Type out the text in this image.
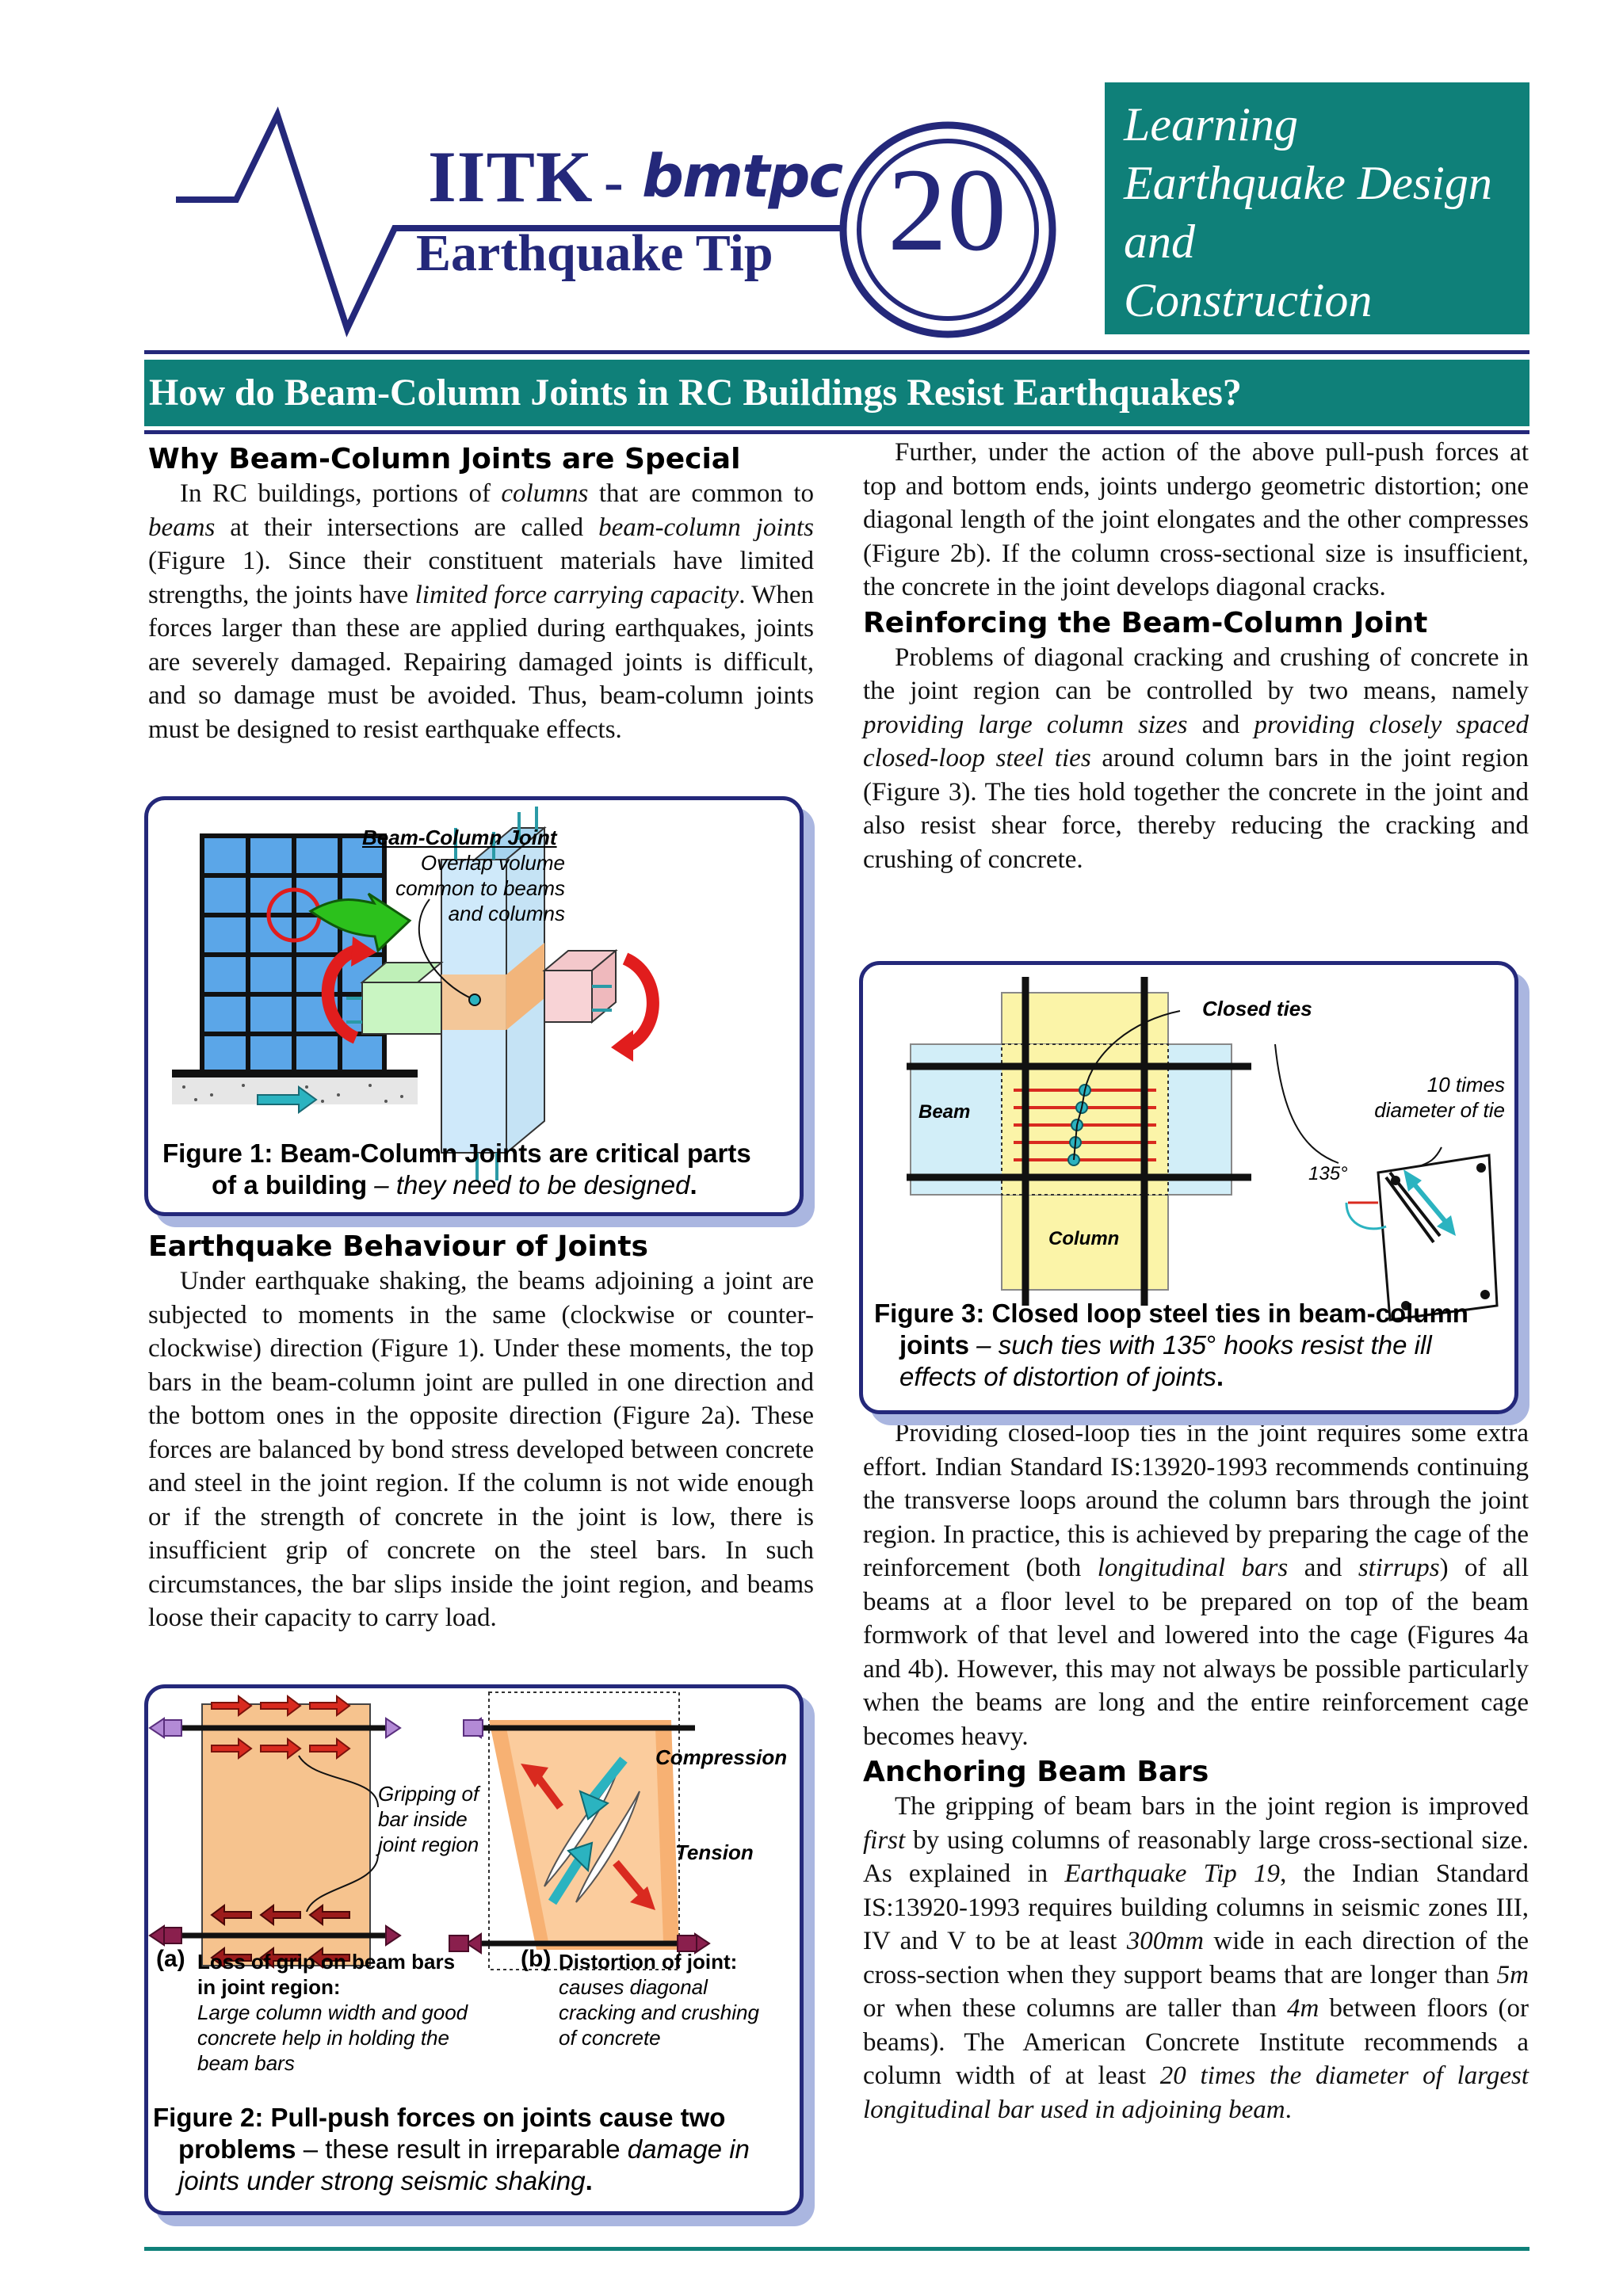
IITK - bmtpc
Earthquake Tip 20
Learning
Earthquake Design
and
Construction
How do Beam-Column Joints in RC Buildings Resist Earthquakes?
Why Beam-Column Joints are Special
In RC buildings, portions of columns that are common to beams at their intersections are called beam-column joints (Figure 1). Since their constituent materials have limited strengths, the joints have limited force carrying capacity. When forces larger than these are applied during earthquakes, joints are severely damaged. Repairing damaged joints is difficult, and so damage must be avoided. Thus, beam-column joints must be designed to resist earthquake effects.
Earthquake Behaviour of Joints
Under earthquake shaking, the beams adjoining a joint are subjected to moments in the same (clockwise or counter-clockwise) direction (Figure 1). Under these moments, the top bars in the beam-column joint are pulled in one direction and the bottom ones in the opposite direction (Figure 2a). These forces are balanced by bond stress developed between concrete and steel in the joint region. If the column is not wide enough or if the strength of concrete in the joint is low, there is insufficient grip of concrete on the steel bars. In such circumstances, the bar slips inside the joint region, and beams loose their capacity to carry load.
Further, under the action of the above pull-push forces at top and bottom ends, joints undergo geometric distortion; one diagonal length of the joint elongates and the other compresses (Figure 2b). If the column cross-sectional size is insufficient, the concrete in the joint develops diagonal cracks.
Reinforcing the Beam-Column Joint
Problems of diagonal cracking and crushing of concrete in the joint region can be controlled by two means, namely providing large column sizes and providing closely spaced closed-loop steel ties around column bars in the joint region (Figure 3). The ties hold together the concrete in the joint and also resist shear force, thereby reducing the cracking and crushing of concrete.
Providing closed-loop ties in the joint requires some extra effort. Indian Standard IS:13920-1993 recommends continuing the transverse loops around the column bars through the joint region. In practice, this is achieved by preparing the cage of the reinforcement (both longitudinal bars and stirrups) of all beams at a floor level to be prepared on top of the beam formwork of that level and lowered into the cage (Figures 4a and 4b). However, this may not always be possible particularly when the beams are long and the entire reinforcement cage becomes heavy.
Anchoring Beam Bars
The gripping of beam bars in the joint region is improved first by using columns of reasonably large cross-sectional size. As explained in Earthquake Tip 19, the Indian Standard IS:13920-1993 requires building columns in seismic zones III, IV and V to be at least 300mm wide in each direction of the cross-section when they support beams that are longer than 5m or when these columns are taller than 4m between floors (or beams). The American Concrete Institute recommends a column width of at least 20 times the diameter of largest longitudinal bar used in adjoining beam.
Beam-Column Joint
Overlap volume
common to beams
and columns
Figure 1: Beam-Column Joints are critical parts
of a building – they need to be designed.
Gripping of
bar inside
joint region
Compression
Tension
(a) Loss of grip on beam bars
in joint region:
Large column width and good
concrete help in holding the
beam bars
(b) Distortion of joint:
causes diagonal
cracking and crushing
of concrete
Figure 2: Pull-push forces on joints cause two
problems – these result in irreparable damage in
joints under strong seismic shaking.
Closed ties
10 times
diameter of tie
Beam
Column
135°
Figure 3: Closed loop steel ties in beam-column
joints – such ties with 135° hooks resist the ill
effects of distortion of joints.
